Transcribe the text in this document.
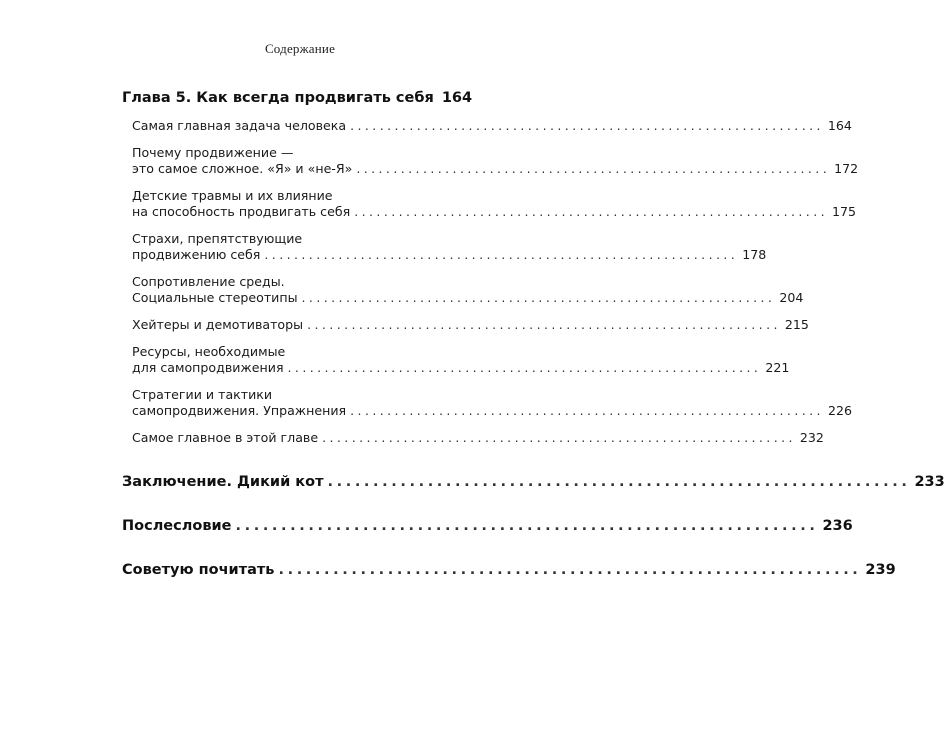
Содержание
Глава 5. Как всегда продвигать себя 164
Самая главная задача человека ................................................................ 164
Почему продвижение —
это самое сложное. «Я» и «не-Я» ................................................................ 172
Детские травмы и их влияние
на способность продвигать себя ................................................................ 175
Страхи, препятствующие
продвижению себя ................................................................ 178
Сопротивление среды.
Социальные стереотипы ................................................................ 204
Хейтеры и демотиваторы ................................................................ 215
Ресурсы, необходимые
для самопродвижения ................................................................ 221
Стратегии и тактики
самопродвижения. Упражнения ................................................................ 226
Самое главное в этой главе ................................................................ 232
Заключение. Дикий кот ................................................................ 233
Послесловие ................................................................ 236
Советую почитать ................................................................ 239
